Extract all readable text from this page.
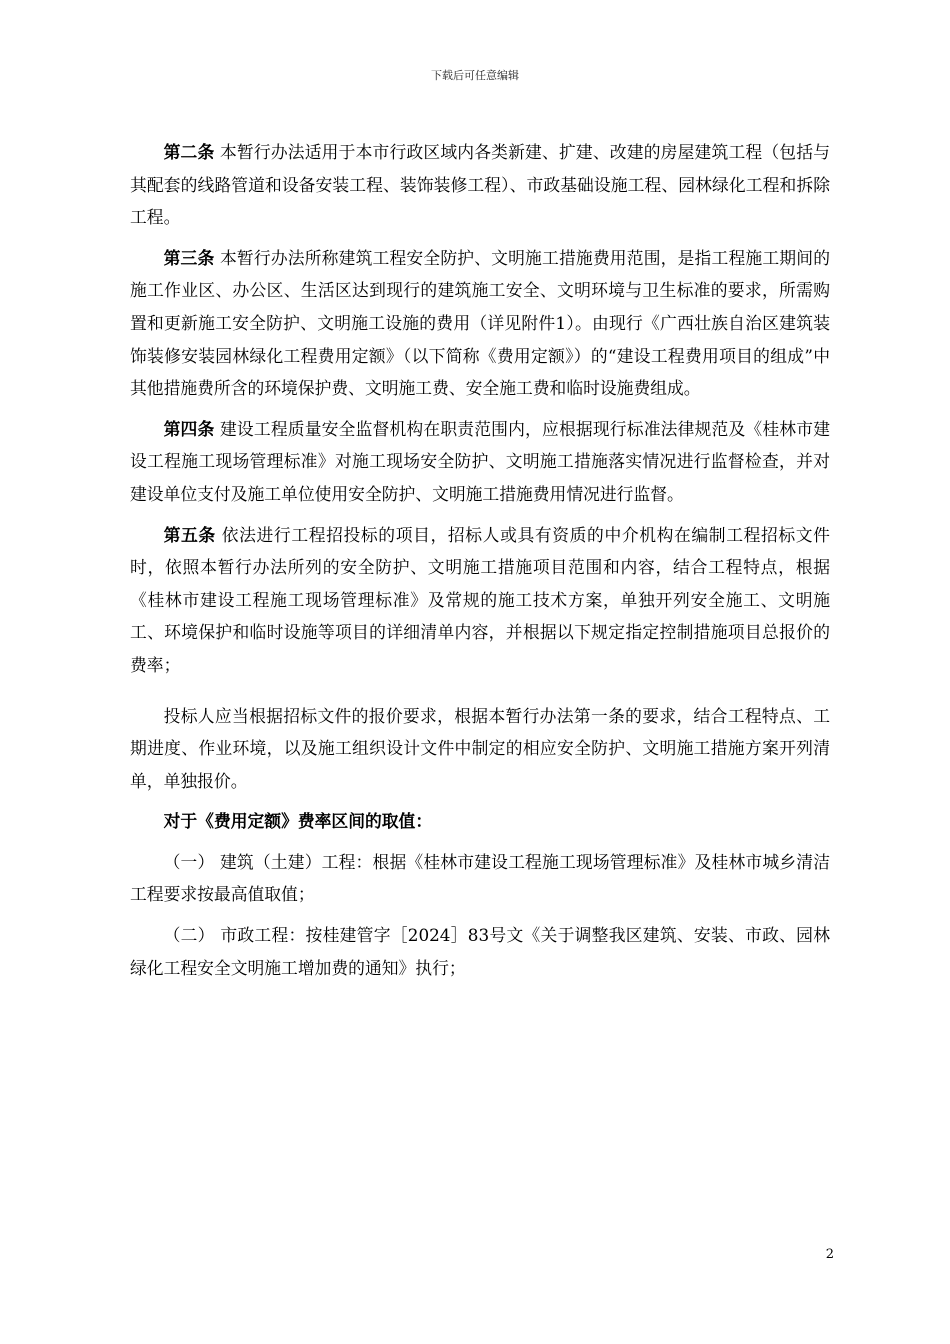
下载后可任意编辑

第二条 本暂行办法适用于本市行政区域内各类新建、扩建、改建的房屋建筑工程（包括与其配套的线路管道和设备安装工程、装饰装修工程）、市政基础设施工程、园林绿化工程和拆除工程。

第三条 本暂行办法所称建筑工程安全防护、文明施工措施费用范围，是指工程施工期间的施工作业区、办公区、生活区达到现行的建筑施工安全、文明环境与卫生标准的要求，所需购置和更新施工安全防护、文明施工设施的费用（详见附件1）。由现行《广西壮族自治区建筑装饰装修安装园林绿化工程费用定额》（以下简称《费用定额》）的“建设工程费用项目的组成”中其他措施费所含的环境保护费、文明施工费、安全施工费和临时设施费组成。

第四条 建设工程质量安全监督机构在职责范围内，应根据现行标准法律规范及《桂林市建设工程施工现场管理标准》对施工现场安全防护、文明施工措施落实情况进行监督检查，并对建设单位支付及施工单位使用安全防护、文明施工措施费用情况进行监督。

第五条 依法进行工程招投标的项目，招标人或具有资质的中介机构在编制工程招标文件时，依照本暂行办法所列的安全防护、文明施工措施项目范围和内容，结合工程特点，根据《桂林市建设工程施工现场管理标准》及常规的施工技术方案，单独开列安全施工、文明施工、环境保护和临时设施等项目的详细清单内容，并根据以下规定指定控制措施项目总报价的费率；

投标人应当根据招标文件的报价要求，根据本暂行办法第一条的要求，结合工程特点、工期进度、作业环境，以及施工组织设计文件中制定的相应安全防护、文明施工措施方案开列清单，单独报价。

对于《费用定额》费率区间的取值：

（一） 建筑（土建）工程：根据《桂林市建设工程施工现场管理标准》及桂林市城乡清洁工程要求按最高值取值；

（二） 市政工程：按桂建管字［2024］83号文《关于调整我区建筑、安装、市政、园林绿化工程安全文明施工增加费的通知》执行；

2
